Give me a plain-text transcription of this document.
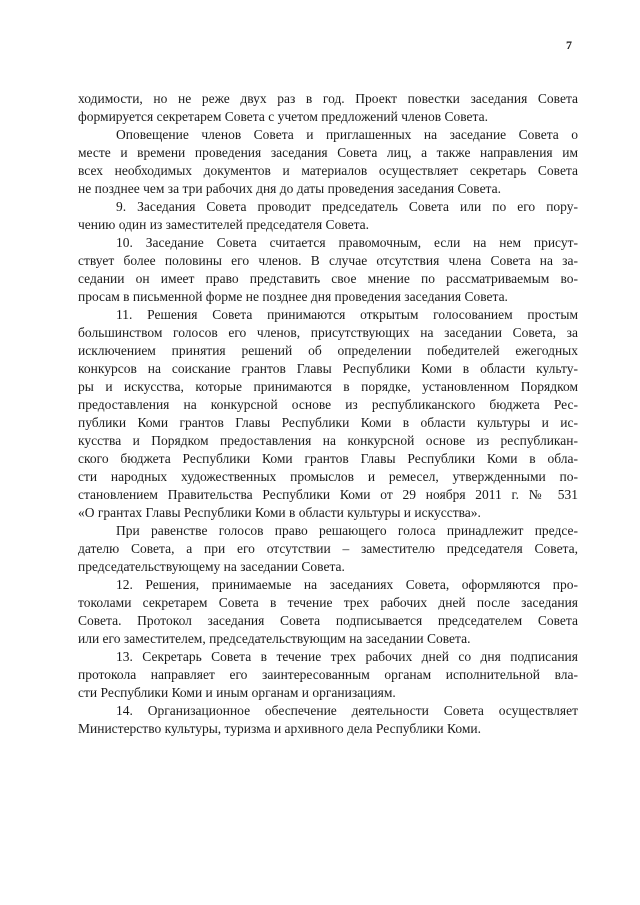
7
ходимости, но не реже двух раз в год. Проект повестки заседания Совета
формируется секретарем Совета с учетом предложений членов Совета.
Оповещение членов Совета и приглашенных на заседание Совета о
месте и времени проведения заседания Совета лиц, а также направления им
всех необходимых документов и материалов осуществляет секретарь Совета
не позднее чем за три рабочих дня до даты проведения заседания Совета.
9. Заседания Совета проводит председатель Совета или по его пору-
чению один из заместителей председателя Совета.
10. Заседание Совета считается правомочным, если на нем присут-
ствует более половины его членов. В случае отсутствия члена Совета на за-
седании он имеет право представить свое мнение по рассматриваемым во-
просам в письменной форме не позднее дня проведения заседания Совета.
11. Решения Совета принимаются открытым голосованием простым
большинством голосов его членов, присутствующих на заседании Совета, за
исключением принятия решений об определении победителей ежегодных
конкурсов на соискание грантов Главы Республики Коми в области культу-
ры и искусства, которые принимаются в порядке, установленном Порядком
предоставления на конкурсной основе из республиканского бюджета Рес-
публики Коми грантов Главы Республики Коми в области культуры и ис-
кусства и Порядком предоставления на конкурсной основе из республикан-
ского бюджета Республики Коми грантов Главы Республики Коми в обла-
сти народных художественных промыслов и ремесел, утвержденными по-
становлением Правительства Республики Коми от 29 ноября 2011 г. № 531
«О грантах Главы Республики Коми в области культуры и искусства».
При равенстве голосов право решающего голоса принадлежит предсе-
дателю Совета, а при его отсутствии – заместителю председателя Совета,
председательствующему на заседании Совета.
12. Решения, принимаемые на заседаниях Совета, оформляются про-
токолами секретарем Совета в течение трех рабочих дней после заседания
Совета. Протокол заседания Совета подписывается председателем Совета
или его заместителем, председательствующим на заседании Совета.
13. Секретарь Совета в течение трех рабочих дней со дня подписания
протокола направляет его заинтересованным органам исполнительной вла-
сти Республики Коми и иным органам и организациям.
14. Организационное обеспечение деятельности Совета осуществляет
Министерство культуры, туризма и архивного дела Республики Коми.
